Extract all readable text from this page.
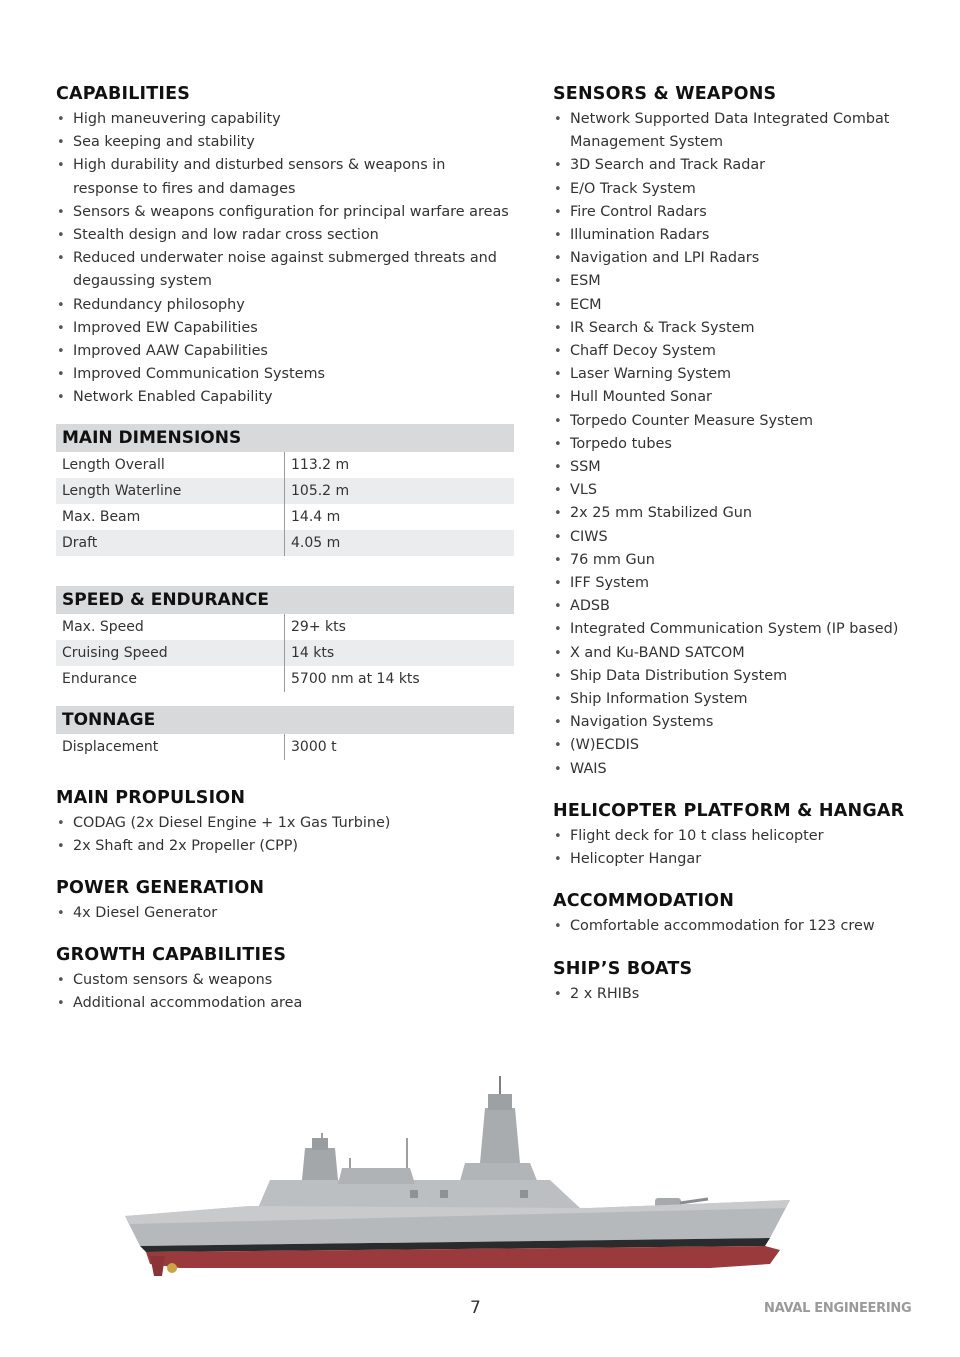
CAPABILITIES
• High maneuvering capability
• Sea keeping and stability
• High durability and disturbed sensors & weapons in response to fires and damages
• Sensors & weapons configuration for principal warfare areas
• Stealth design and low radar cross section
• Reduced underwater noise against submerged threats and degaussing system
• Redundancy philosophy
• Improved EW Capabilities
• Improved AAW Capabilities
• Improved Communication Systems
• Network Enabled Capability
MAIN DIMENSIONS
Length Overall	113.2 m
Length Waterline	105.2 m
Max. Beam	14.4 m
Draft	4.05 m
SPEED & ENDURANCE
Max. Speed	29+ kts
Cruising Speed	14 kts
Endurance	5700 nm at 14 kts
TONNAGE
Displacement	3000 t
MAIN PROPULSION
• CODAG (2x Diesel Engine + 1x Gas Turbine)
• 2x Shaft and 2x Propeller (CPP)
POWER GENERATION
• 4x Diesel Generator
GROWTH CAPABILITIES
• Custom sensors & weapons
• Additional accommodation area
SENSORS & WEAPONS
• Network Supported Data Integrated Combat Management System
• 3D Search and Track Radar
• E/O Track System
• Fire Control Radars
• Illumination Radars
• Navigation and LPI Radars
• ESM
• ECM
• IR Search & Track System
• Chaff Decoy System
• Laser Warning System
• Hull Mounted Sonar
• Torpedo Counter Measure System
• Torpedo tubes
• SSM
• VLS
• 2x 25 mm Stabilized Gun
• CIWS
• 76 mm Gun
• IFF System
• ADSB
• Integrated Communication System (IP based)
• X and Ku-BAND SATCOM
• Ship Data Distribution System
• Ship Information System
• Navigation Systems
• (W)ECDIS
• WAIS
HELICOPTER PLATFORM & HANGAR
• Flight deck for 10 t class helicopter
• Helicopter Hangar
ACCOMMODATION
• Comfortable accommodation for 123 crew
SHIP’S BOATS
• 2 x RHIBs
7	NAVAL ENGINEERING
